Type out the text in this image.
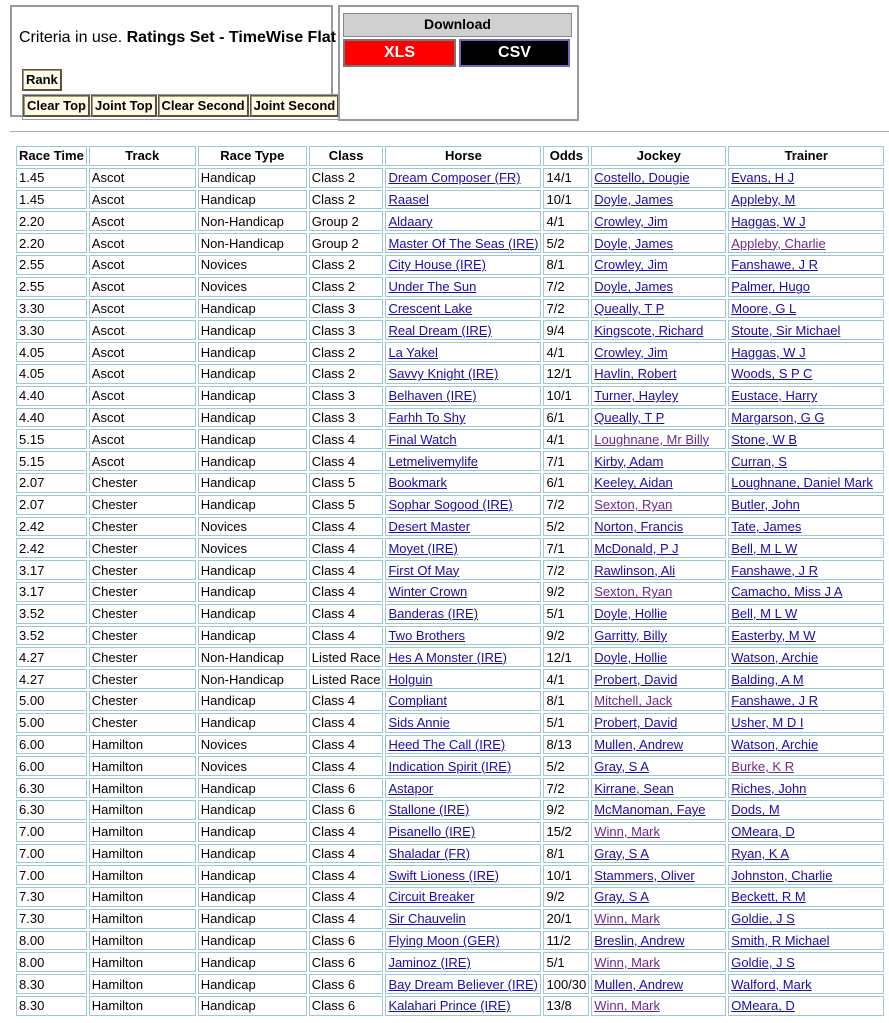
Criteria in use. Ratings Set - TimeWise Flat
Rank
Clear Top Joint Top Clear Second Joint Second
Download
XLS	CSV
Race Time	Track	Race Type	Class	Horse	Odds	Jockey	Trainer
1.45	Ascot	Handicap	Class 2	Dream Composer (FR)	14/1	Costello, Dougie	Evans, H J
1.45	Ascot	Handicap	Class 2	Raasel	10/1	Doyle, James	Appleby, M
2.20	Ascot	Non-Handicap	Group 2	Aldaary	4/1	Crowley, Jim	Haggas, W J
2.20	Ascot	Non-Handicap	Group 2	Master Of The Seas (IRE)	5/2	Doyle, James	Appleby, Charlie
2.55	Ascot	Novices	Class 2	City House (IRE)	8/1	Crowley, Jim	Fanshawe, J R
2.55	Ascot	Novices	Class 2	Under The Sun	7/2	Doyle, James	Palmer, Hugo
3.30	Ascot	Handicap	Class 3	Crescent Lake	7/2	Queally, T P	Moore, G L
3.30	Ascot	Handicap	Class 3	Real Dream (IRE)	9/4	Kingscote, Richard	Stoute, Sir Michael
4.05	Ascot	Handicap	Class 2	La Yakel	4/1	Crowley, Jim	Haggas, W J
4.05	Ascot	Handicap	Class 2	Savvy Knight (IRE)	12/1	Havlin, Robert	Woods, S P C
4.40	Ascot	Handicap	Class 3	Belhaven (IRE)	10/1	Turner, Hayley	Eustace, Harry
4.40	Ascot	Handicap	Class 3	Farhh To Shy	6/1	Queally, T P	Margarson, G G
5.15	Ascot	Handicap	Class 4	Final Watch	4/1	Loughnane, Mr Billy	Stone, W B
5.15	Ascot	Handicap	Class 4	Letmelivemylife	7/1	Kirby, Adam	Curran, S
2.07	Chester	Handicap	Class 5	Bookmark	6/1	Keeley, Aidan	Loughnane, Daniel Mark
2.07	Chester	Handicap	Class 5	Sophar Sogood (IRE)	7/2	Sexton, Ryan	Butler, John
2.42	Chester	Novices	Class 4	Desert Master	5/2	Norton, Francis	Tate, James
2.42	Chester	Novices	Class 4	Moyet (IRE)	7/1	McDonald, P J	Bell, M L W
3.17	Chester	Handicap	Class 4	First Of May	7/2	Rawlinson, Ali	Fanshawe, J R
3.17	Chester	Handicap	Class 4	Winter Crown	9/2	Sexton, Ryan	Camacho, Miss J A
3.52	Chester	Handicap	Class 4	Banderas (IRE)	5/1	Doyle, Hollie	Bell, M L W
3.52	Chester	Handicap	Class 4	Two Brothers	9/2	Garritty, Billy	Easterby, M W
4.27	Chester	Non-Handicap	Listed Race	Hes A Monster (IRE)	12/1	Doyle, Hollie	Watson, Archie
4.27	Chester	Non-Handicap	Listed Race	Holguin	4/1	Probert, David	Balding, A M
5.00	Chester	Handicap	Class 4	Compliant	8/1	Mitchell, Jack	Fanshawe, J R
5.00	Chester	Handicap	Class 4	Sids Annie	5/1	Probert, David	Usher, M D I
6.00	Hamilton	Novices	Class 4	Heed The Call (IRE)	8/13	Mullen, Andrew	Watson, Archie
6.00	Hamilton	Novices	Class 4	Indication Spirit (IRE)	5/2	Gray, S A	Burke, K R
6.30	Hamilton	Handicap	Class 6	Astapor	7/2	Kirrane, Sean	Riches, John
6.30	Hamilton	Handicap	Class 6	Stallone (IRE)	9/2	McManoman, Faye	Dods, M
7.00	Hamilton	Handicap	Class 4	Pisanello (IRE)	15/2	Winn, Mark	OMeara, D
7.00	Hamilton	Handicap	Class 4	Shaladar (FR)	8/1	Gray, S A	Ryan, K A
7.00	Hamilton	Handicap	Class 4	Swift Lioness (IRE)	10/1	Stammers, Oliver	Johnston, Charlie
7.30	Hamilton	Handicap	Class 4	Circuit Breaker	9/2	Gray, S A	Beckett, R M
7.30	Hamilton	Handicap	Class 4	Sir Chauvelin	20/1	Winn, Mark	Goldie, J S
8.00	Hamilton	Handicap	Class 6	Flying Moon (GER)	11/2	Breslin, Andrew	Smith, R Michael
8.00	Hamilton	Handicap	Class 6	Jaminoz (IRE)	5/1	Winn, Mark	Goldie, J S
8.30	Hamilton	Handicap	Class 6	Bay Dream Believer (IRE)	100/30	Mullen, Andrew	Walford, Mark
8.30	Hamilton	Handicap	Class 6	Kalahari Prince (IRE)	13/8	Winn, Mark	OMeara, D
